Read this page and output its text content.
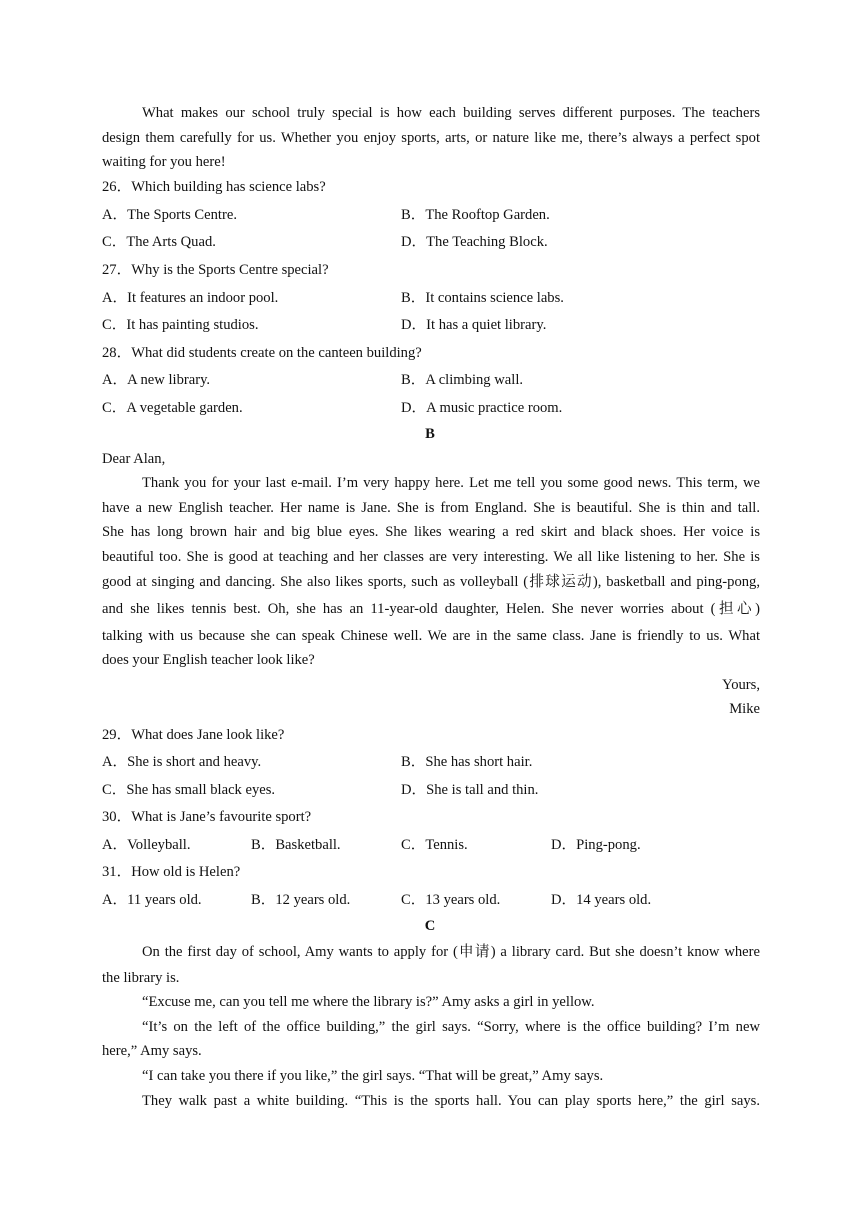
What makes our school truly special is how each building serves different purposes. The teachers
design them carefully for us. Whether you enjoy sports, arts, or nature like me, there’s always a perfect spot
waiting for you here!
26．Which building has science labs?
A．The Sports Centre.	B．The Rooftop Garden.
C．The Arts Quad.	D．The Teaching Block.
27．Why is the Sports Centre special?
A．It features an indoor pool.	B．It contains science labs.
C．It has painting studios.	D．It has a quiet library.
28．What did students create on the canteen building?
A．A new library.	B．A climbing wall.
C．A vegetable garden.	D．A music practice room.
B
Dear Alan,
Thank you for your last e-mail. I’m very happy here. Let me tell you some good news. This term, we
have a new English teacher. Her name is Jane. She is from England. She is beautiful. She is thin and tall.
She has long brown hair and big blue eyes. She likes wearing a red skirt and black shoes. Her voice is
beautiful too. She is good at teaching and her classes are very interesting. We all like listening to her. She is
good at singing and dancing. She also likes sports, such as volleyball (排球运动), basketball and ping-pong,
and she likes tennis best. Oh, she has an 11-year-old daughter, Helen. She never worries about (担心)
talking with us because she can speak Chinese well. We are in the same class. Jane is friendly to us. What
does your English teacher look like?
Yours,
Mike
29．What does Jane look like?
A．She is short and heavy.	B．She has short hair.
C．She has small black eyes.	D．She is tall and thin.
30．What is Jane’s favourite sport?
A．Volleyball.	B．Basketball.	C．Tennis.	D．Ping-pong.
31．How old is Helen?
A．11 years old.	B．12 years old.	C．13 years old.	D．14 years old.
C
On the first day of school, Amy wants to apply for (申请) a library card. But she doesn’t know where
the library is.
“Excuse me, can you tell me where the library is?” Amy asks a girl in yellow.
“It’s on the left of the office building,” the girl says. “Sorry, where is the office building? I’m new
here,” Amy says.
“I can take you there if you like,” the girl says. “That will be great,” Amy says.
They walk past a white building. “This is the sports hall. You can play sports here,” the girl says.
